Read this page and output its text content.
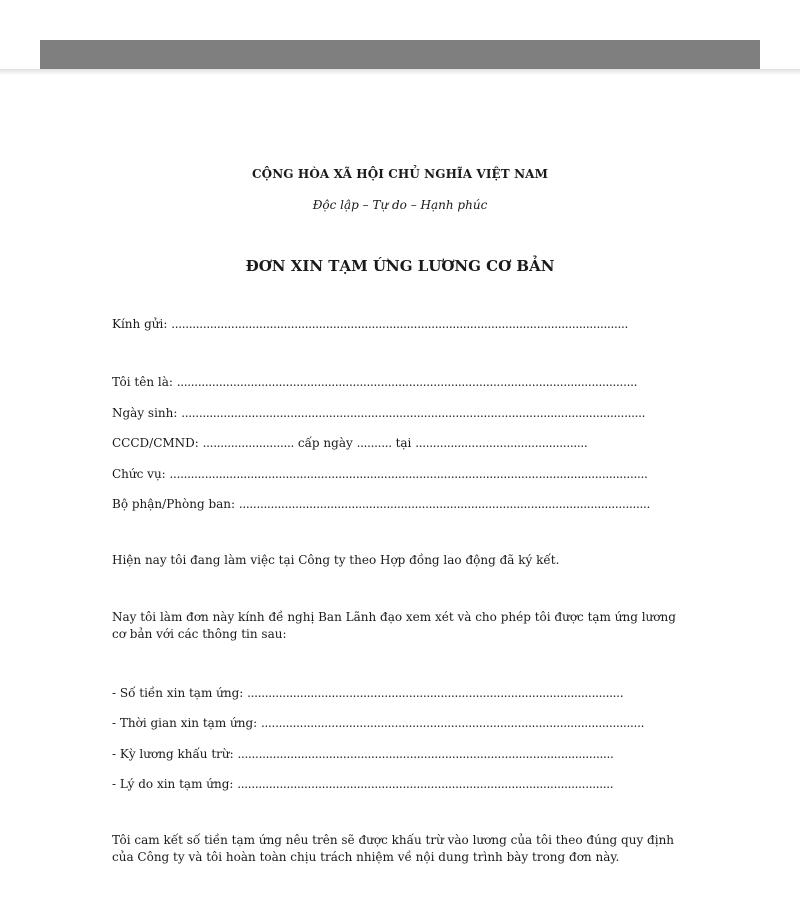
CỘNG HÒA XÃ HỘI CHỦ NGHĨA VIỆT NAM
Độc lập – Tự do – Hạnh phúc
ĐƠN XIN TẠM ỨNG LƯƠNG CƠ BẢN
Kính gửi: ..................................................................................................................................
Tôi tên là: ...................................................................................................................................
Ngày sinh: ....................................................................................................................................
CCCD/CMND: .......................... cấp ngày .......... tại .................................................
Chức vụ: ........................................................................................................................................
Bộ phận/Phòng ban: .....................................................................................................................
Hiện nay tôi đang làm việc tại Công ty theo Hợp đồng lao động đã ký kết.
Nay tôi làm đơn này kính đề nghị Ban Lãnh đạo xem xét và cho phép tôi được tạm ứng lương cơ bản với các thông tin sau:
- Số tiền xin tạm ứng: ...........................................................................................................
- Thời gian xin tạm ứng: .............................................................................................................
- Kỳ lương khấu trừ: ...........................................................................................................
- Lý do xin tạm ứng: ...........................................................................................................
Tôi cam kết số tiền tạm ứng nêu trên sẽ được khấu trừ vào lương của tôi theo đúng quy định của Công ty và tôi hoàn toàn chịu trách nhiệm về nội dung trình bày trong đơn này.
